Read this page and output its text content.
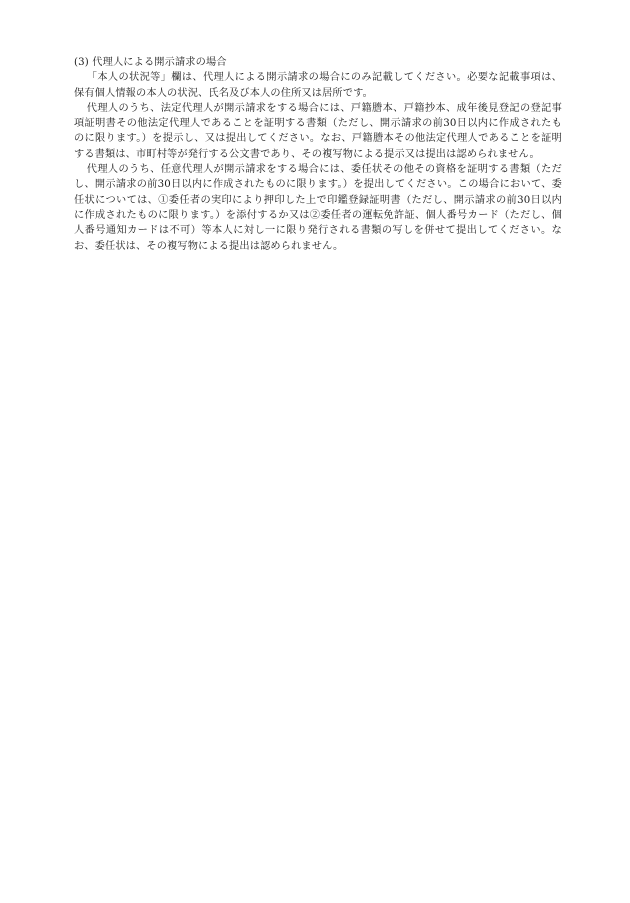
(3) 代理人による開示請求の場合

「本人の状況等」欄は、代理人による開示請求の場合にのみ記載してください。必要な記載事項は、保有個人情報の本人の状況、氏名及び本人の住所又は居所です。

代理人のうち、法定代理人が開示請求をする場合には、戸籍謄本、戸籍抄本、成年後見登記の登記事項証明書その他法定代理人であることを証明する書類（ただし、開示請求の前30日以内に作成されたものに限ります。）を提示し、又は提出してください。なお、戸籍謄本その他法定代理人であることを証明する書類は、市町村等が発行する公文書であり、その複写物による提示又は提出は認められません。

代理人のうち、任意代理人が開示請求をする場合には、委任状その他その資格を証明する書類（ただし、開示請求の前30日以内に作成されたものに限ります。）を提出してください。この場合において、委任状については、①委任者の実印により押印した上で印鑑登録証明書（ただし、開示請求の前30日以内に作成されたものに限ります。）を添付するか又は②委任者の運転免許証、個人番号カード（ただし、個人番号通知カードは不可）等本人に対し一に限り発行される書類の写しを併せて提出してください。なお、委任状は、その複写物による提出は認められません。
